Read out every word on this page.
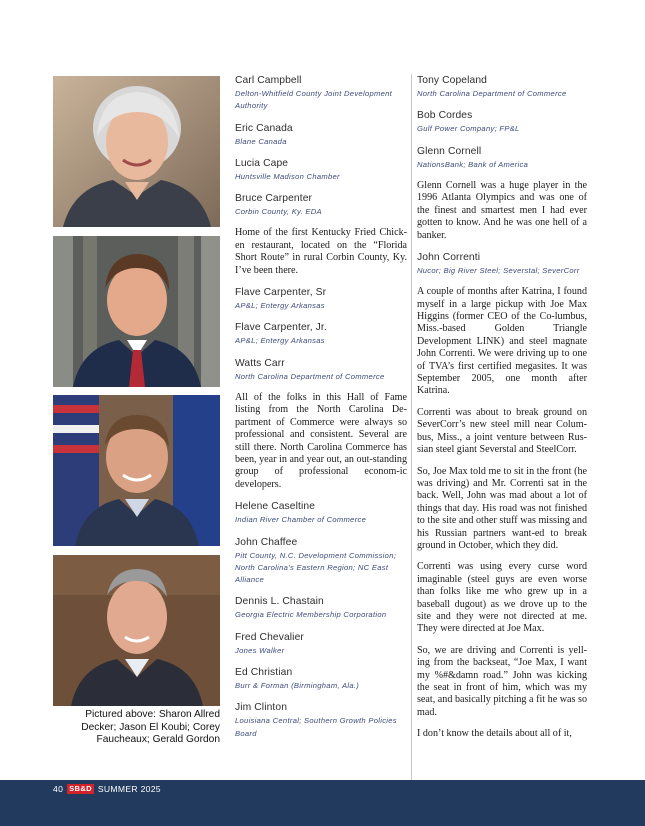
Pictured above: Sharon Allred Decker; Jason El Koubi; Corey Faucheaux; Gerald Gordon
Carl Campbell
Delton-Whitfield County Joint Development Authority
Eric Canada
Blane Canada
Lucia Cape
Huntsville Madison Chamber
Bruce Carpenter
Corbin County, Ky. EDA
Home of the first Kentucky Fried Chick-en restaurant, located on the “Florida Short Route” in rural Corbin County, Ky. I’ve been there.
Flave Carpenter, Sr
AP&L; Entergy Arkansas
Flave Carpenter, Jr.
AP&L; Entergy Arkansas
Watts Carr
North Carolina Department of Commerce
All of the folks in this Hall of Fame listing from the North Carolina De-partment of Commerce were always so professional and consistent. Several are still there. North Carolina Commerce has been, year in and year out, an out-standing group of professional econom-ic developers.
Helene Caseltine
Indian River Chamber of Commerce
John Chaffee
Pitt County, N.C. Development Commission; North Carolina’s Eastern Region; NC East Alliance
Dennis L. Chastain
Georgia Electric Membership Corporation
Fred Chevalier
Jones Walker
Ed Christian
Burr & Forman (Birmingham, Ala.)
Jim Clinton
Louisiana Central; Southern Growth Policies Board
Tony Copeland
North Carolina Department of Commerce
Bob Cordes
Gulf Power Company; FP&L
Glenn Cornell
NationsBank; Bank of America
Glenn Cornell was a huge player in the 1996 Atlanta Olympics and was one of the finest and smartest men I had ever gotten to know. And he was one hell of a banker.
John Correnti
Nucor; Big River Steel; Severstal; SeverCorr
A couple of months after Katrina, I found myself in a large pickup with Joe Max Higgins (former CEO of the Co-lumbus, Miss.-based Golden Triangle Development LINK) and steel magnate John Correnti. We were driving up to one of TVA’s first certified megasites. It was September 2005, one month after Katrina.
Correnti was about to break ground on SeverCorr’s new steel mill near Colum-bus, Miss., a joint venture between Rus-sian steel giant Severstal and SteelCorr.
So, Joe Max told me to sit in the front (he was driving) and Mr. Correnti sat in the back. Well, John was mad about a lot of things that day. His road was not finished to the site and other stuff was missing and his Russian partners want-ed to break ground in October, which they did.
Correnti was using every curse word imaginable (steel guys are even worse than folks like me who grew up in a baseball dugout) as we drove up to the site and they were not directed at me. They were directed at Joe Max.
So, we are driving and Correnti is yell-ing from the backseat, “Joe Max, I want my %#&damn road.” John was kicking the seat in front of him, which was my seat, and basically pitching a fit he was so mad.
I don’t know the details about all of it,
40 SB&D SUMMER 2025
